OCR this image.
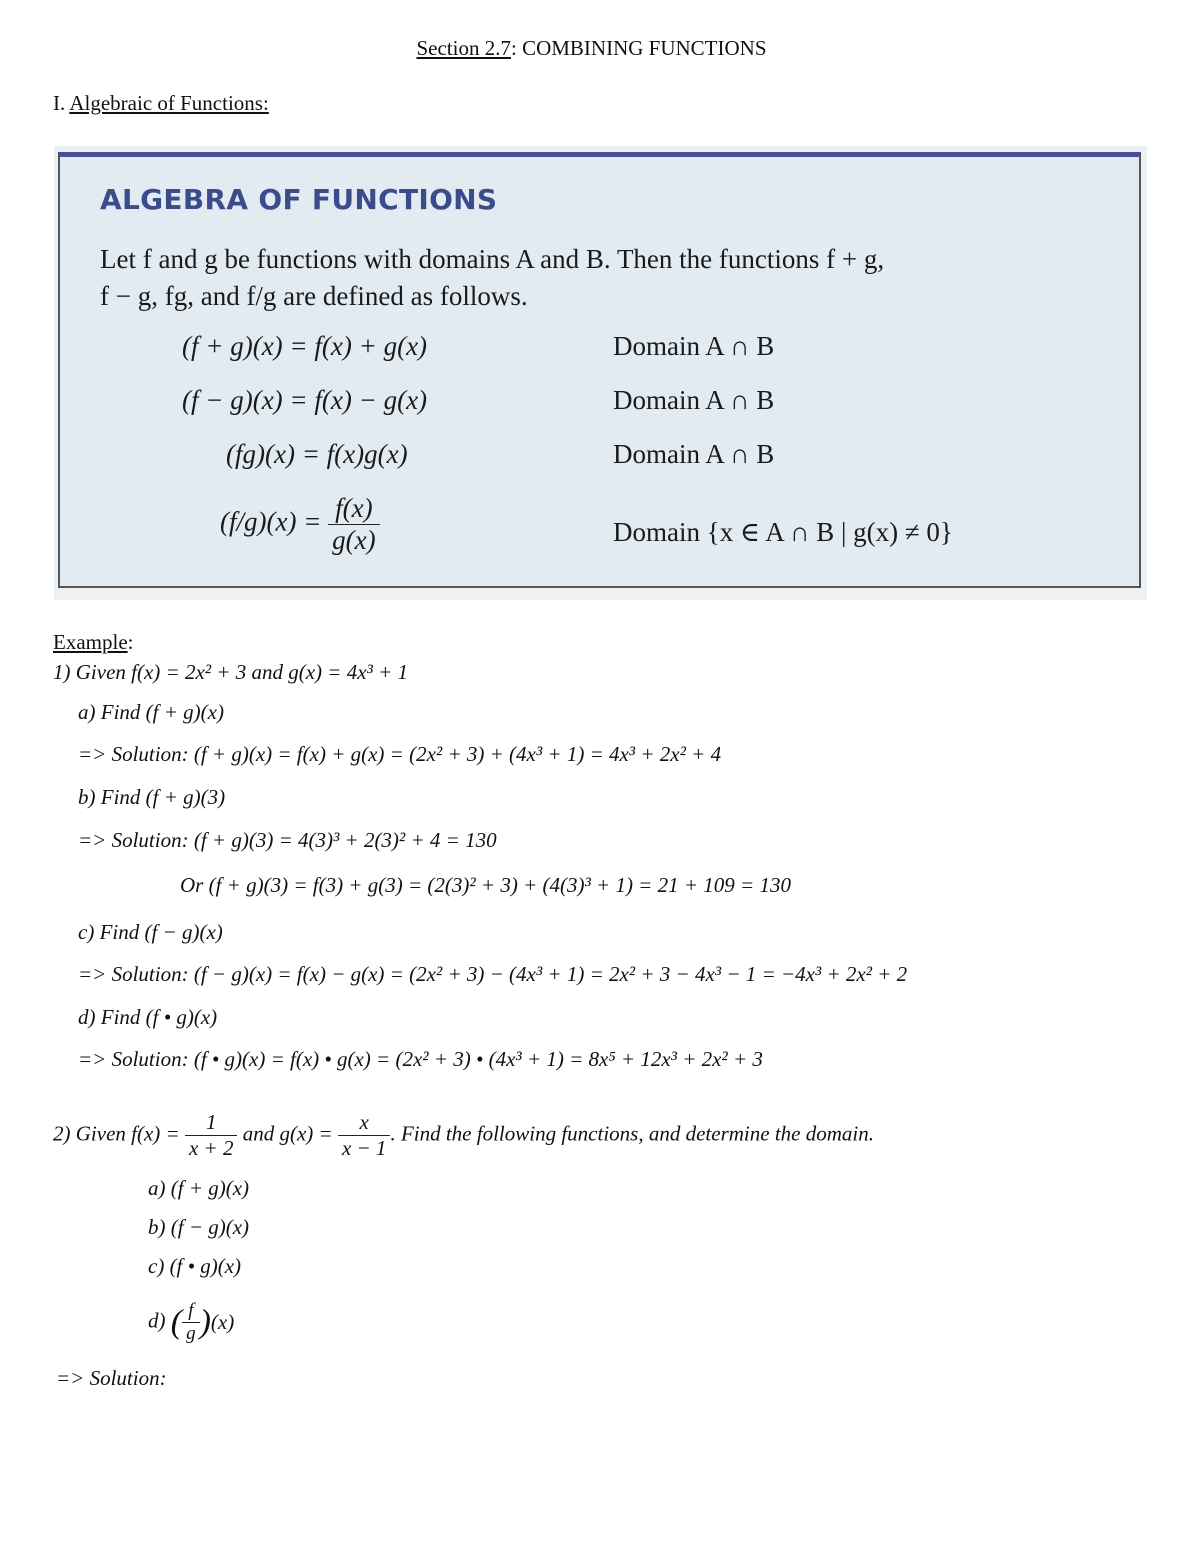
Section 2.7: COMBINING FUNCTIONS
I. Algebraic of Functions:
ALGEBRA OF FUNCTIONS
Let f and g be functions with domains A and B. Then the functions f + g,
f − g, fg, and f/g are defined as follows.
(f + g)(x) = f(x) + g(x)	Domain A ∩ B
(f − g)(x) = f(x) − g(x)	Domain A ∩ B
(fg)(x) = f(x)g(x)	Domain A ∩ B
$(f/g)(x) = \frac{f(x)}{g(x)}$	Domain {x ∈ A ∩ B | g(x) ≠ 0}
Example:
1) Given f(x) = 2x² + 3 and g(x) = 4x³ + 1
a) Find (f + g)(x)
=> Solution: (f + g)(x) = f(x) + g(x) = (2x² + 3) + (4x³ + 1) = 4x³ + 2x² + 4
b) Find (f + g)(3)
=> Solution: (f + g)(3) = 4(3)³ + 2(3)² + 4 = 130
Or (f + g)(3) = f(3) + g(3) = (2(3)² + 3) + (4(3)³ + 1) = 21 + 109 = 130
c) Find (f − g)(x)
=> Solution: (f − g)(x) = f(x) − g(x) = (2x² + 3) − (4x³ + 1) = 2x² + 3 − 4x³ − 1 = −4x³ + 2x² + 2
d) Find (f • g)(x)
=> Solution: (f • g)(x) = f(x) • g(x) = (2x² + 3) • (4x³ + 1) = 8x⁵ + 12x³ + 2x² + 3
2) Given $f(x) = \frac{1}{x + 2}$ and $g(x) = \frac{x}{x - 1}$ . Find the following functions, and determine the domain.
a) (f + g)(x)
b) (f − g)(x)
c) (f • g)(x)
d) ( $\frac{f}{g} )(x)$
=> Solution:
